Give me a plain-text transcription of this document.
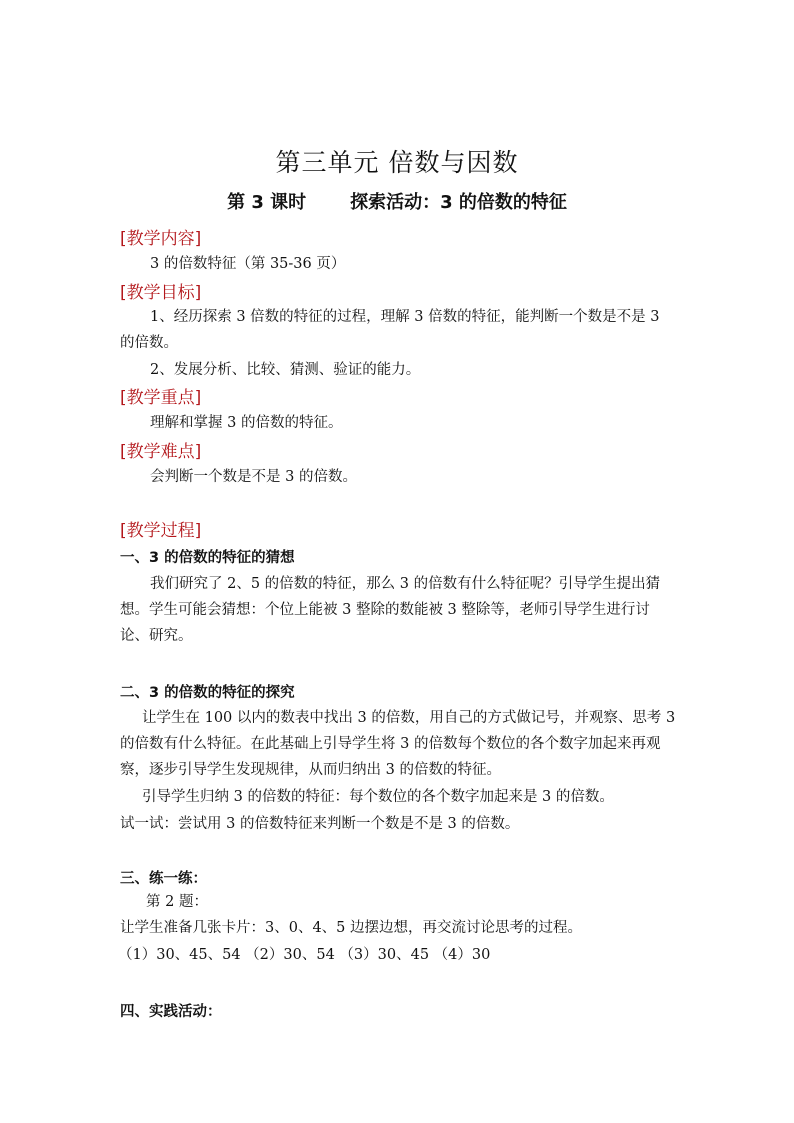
第三单元 倍数与因数
第 3 课时 探索活动：3 的倍数的特征
[教学内容]
3 的倍数特征（第 35-36 页）
[教学目标]
1、经历探索 3 倍数的特征的过程，理解 3 倍数的特征，能判断一个数是不是 3 的倍数。
2、发展分析、比较、猜测、验证的能力。
[教学重点]
理解和掌握 3 的倍数的特征。
[教学难点]
会判断一个数是不是 3 的倍数。
[教学过程]
一、3 的倍数的特征的猜想
我们研究了 2、5 的倍数的特征，那么 3 的倍数有什么特征呢？引导学生提出猜想。学生可能会猜想：个位上能被 3 整除的数能被 3 整除等，老师引导学生进行讨论、研究。
二、3 的倍数的特征的探究
让学生在 100 以内的数表中找出 3 的倍数，用自己的方式做记号，并观察、思考 3 的倍数有什么特征。在此基础上引导学生将 3 的倍数每个数位的各个数字加起来再观察，逐步引导学生发现规律，从而归纳出 3 的倍数的特征。
引导学生归纳 3 的倍数的特征：每个数位的各个数字加起来是 3 的倍数。
试一试：尝试用 3 的倍数特征来判断一个数是不是 3 的倍数。
三、练一练：
第 2 题：
让学生准备几张卡片：3、0、4、5 边摆边想，再交流讨论思考的过程。
（1）30、45、54 （2）30、54 （3）30、45 （4）30
四、实践活动：
